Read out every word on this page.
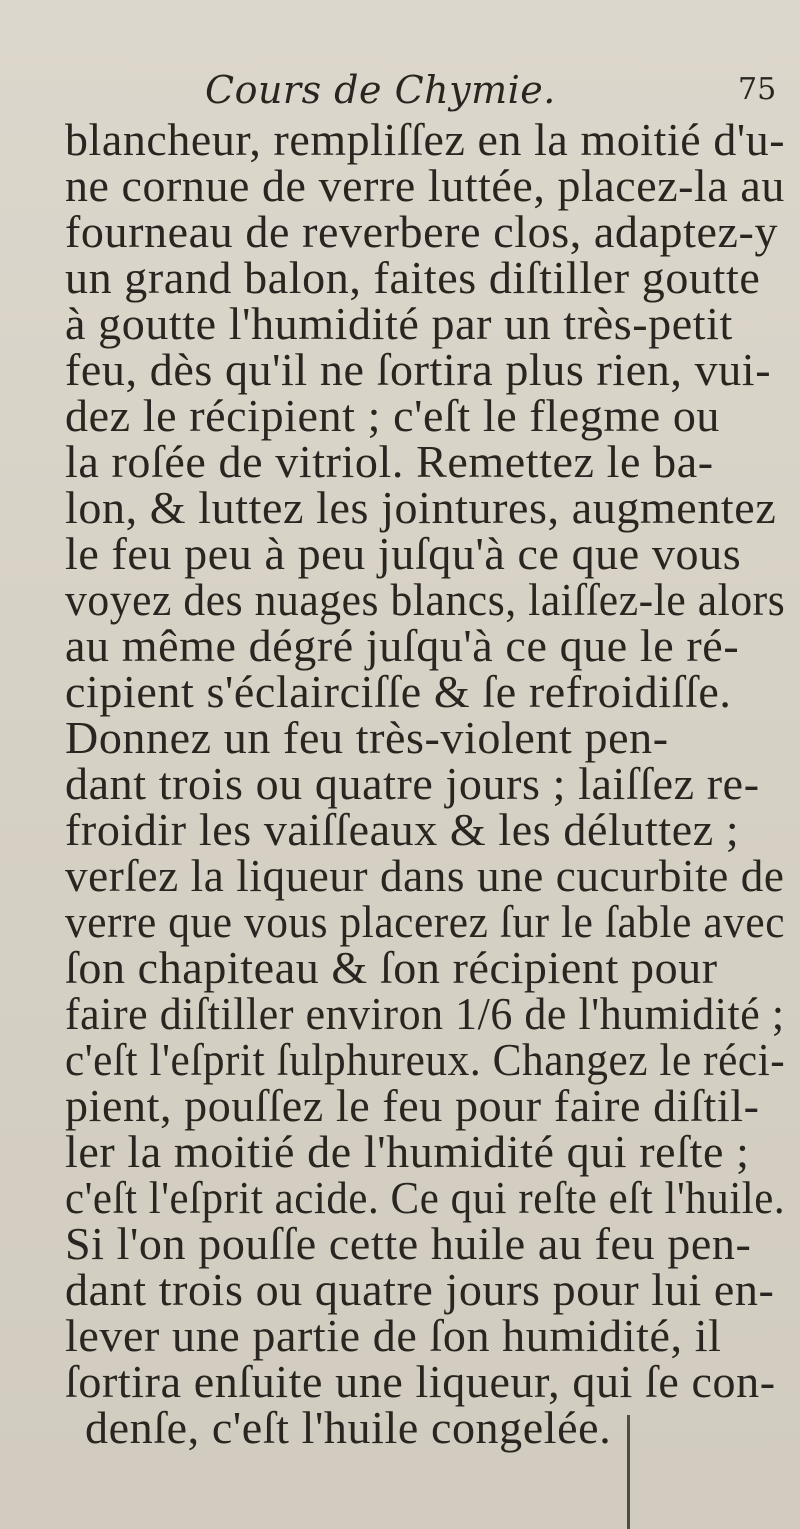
Cours de Chymie.	75
blancheur, rempliſſez en la moitié d'u-
ne cornue de verre luttée, placez-la au
fourneau de reverbere clos, adaptez-y
un grand balon, faites diſtiller goutte
à goutte l'humidité par un très-petit
feu, dès qu'il ne ſortira plus rien, vui-
dez le récipient ; c'eſt le flegme ou
la roſée de vitriol. Remettez le ba-
lon, & luttez les jointures, augmentez
le feu peu à peu juſqu'à ce que vous
voyez des nuages blancs, laiſſez-le alors
au même dégré juſqu'à ce que le ré-
cipient s'éclairciſſe & ſe refroidiſſe.
Donnez un feu très-violent pen-
dant trois ou quatre jours ; laiſſez re-
froidir les vaiſſeaux & les déluttez ;
verſez la liqueur dans une cucurbite de
verre que vous placerez ſur le ſable avec
ſon chapiteau & ſon récipient pour
faire diſtiller environ 1/6 de l'humidité ;
c'eſt l'eſprit ſulphureux. Changez le réci-
pient, pouſſez le feu pour faire diſtil-
ler la moitié de l'humidité qui reſte ;
c'eſt l'eſprit acide. Ce qui reſte eſt l'huile.
Si l'on pouſſe cette huile au feu pen-
dant trois ou quatre jours pour lui en-
lever une partie de ſon humidité, il
ſortira enſuite une liqueur, qui ſe con-
denſe, c'eſt l'huile congelée.
